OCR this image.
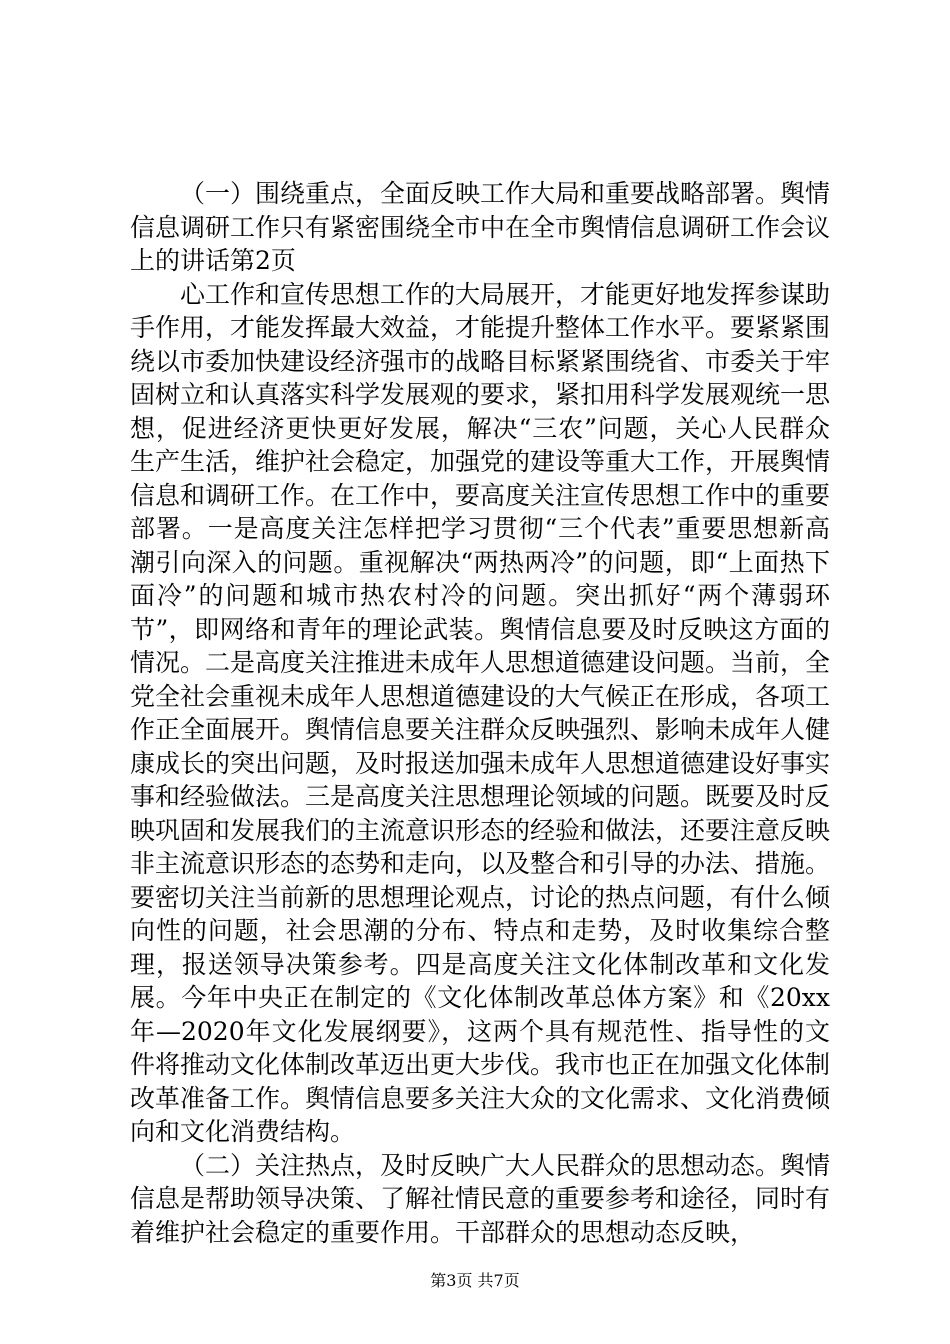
（一）围绕重点，全面反映工作大局和重要战略部署。舆情信息调研工作只有紧密围绕全市中在全市舆情信息调研工作会议上的讲话第2页

心工作和宣传思想工作的大局展开，才能更好地发挥参谋助手作用，才能发挥最大效益，才能提升整体工作水平。要紧紧围绕以市委加快建设经济强市的战略目标紧紧围绕省、市委关于牢固树立和认真落实科学发展观的要求，紧扣用科学发展观统一思想，促进经济更快更好发展，解决“三农”问题，关心人民群众生产生活，维护社会稳定，加强党的建设等重大工作，开展舆情信息和调研工作。在工作中，要高度关注宣传思想工作中的重要部署。一是高度关注怎样把学习贯彻“三个代表”重要思想新高潮引向深入的问题。重视解决“两热两冷”的问题，即“上面热下面冷”的问题和城市热农村冷的问题。突出抓好“两个薄弱环节”，即网络和青年的理论武装。舆情信息要及时反映这方面的情况。二是高度关注推进未成年人思想道德建设问题。当前，全党全社会重视未成年人思想道德建设的大气候正在形成，各项工作正全面展开。舆情信息要关注群众反映强烈、影响未成年人健康成长的突出问题，及时报送加强未成年人思想道德建设好事实事和经验做法。三是高度关注思想理论领域的问题。既要及时反映巩固和发展我们的主流意识形态的经验和做法，还要注意反映非主流意识形态的态势和走向，以及整合和引导的办法、措施。要密切关注当前新的思想理论观点，讨论的热点问题，有什么倾向性的问题，社会思潮的分布、特点和走势，及时收集综合整理，报送领导决策参考。四是高度关注文化体制改革和文化发展。今年中央正在制定的《文化体制改革总体方案》和《20xx年—2020年文化发展纲要》，这两个具有规范性、指导性的文件将推动文化体制改革迈出更大步伐。我市也正在加强文化体制改革准备工作。舆情信息要多关注大众的文化需求、文化消费倾向和文化消费结构。

（二）关注热点，及时反映广大人民群众的思想动态。舆情信息是帮助领导决策、了解社情民意的重要参考和途径，同时有着维护社会稳定的重要作用。干部群众的思想动态反映，

第3页 共7页
